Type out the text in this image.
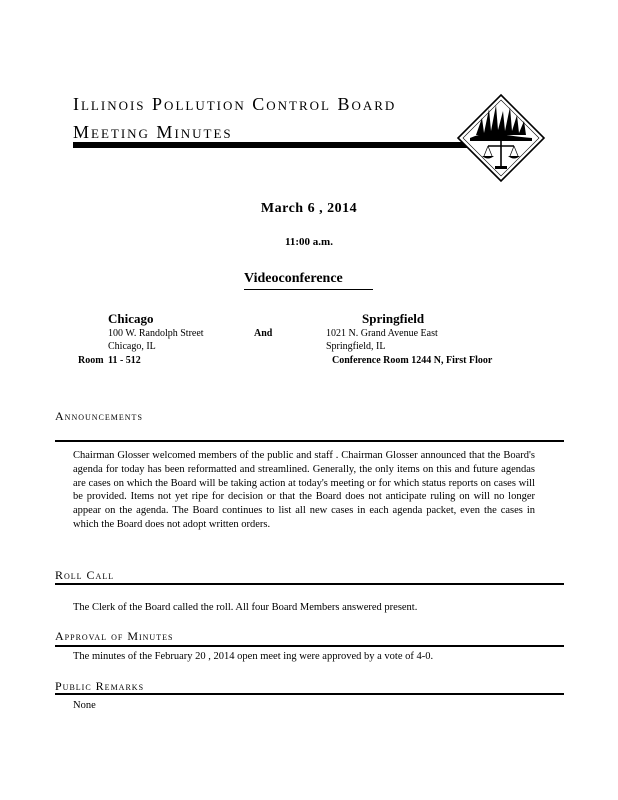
Illinois Pollution Control Board
Meeting Minutes
March 6 , 2014
11:00 a.m.
Videoconference
Chicago
100 W. Randolph Street
Chicago, IL
Room 11 - 512
And
Springfield
1021 N. Grand Avenue East
Springfield, IL
Conference Room 1244 N, First Floor
Announcements
Chairman Glosser welcomed members of the public and staff . Chairman Glosser announced that the Board's agenda for today has been reformatted and streamlined. Generally, the only items on this and future agendas are cases on which the Board will be taking action at today's meeting or for which status reports on cases will be provided. Items not yet ripe for decision or that the Board does not anticipate ruling on will no longer appear on the agenda. The Board continues to list all new cases in each agenda packet, even the cases in which the Board does not adopt written orders.
Roll Call
The Clerk of the Board called the roll. All four Board Members answered present.
Approval of Minutes
The minutes of the February 20 , 2014 open meet ing were approved by a vote of 4-0.
Public Remarks
None
